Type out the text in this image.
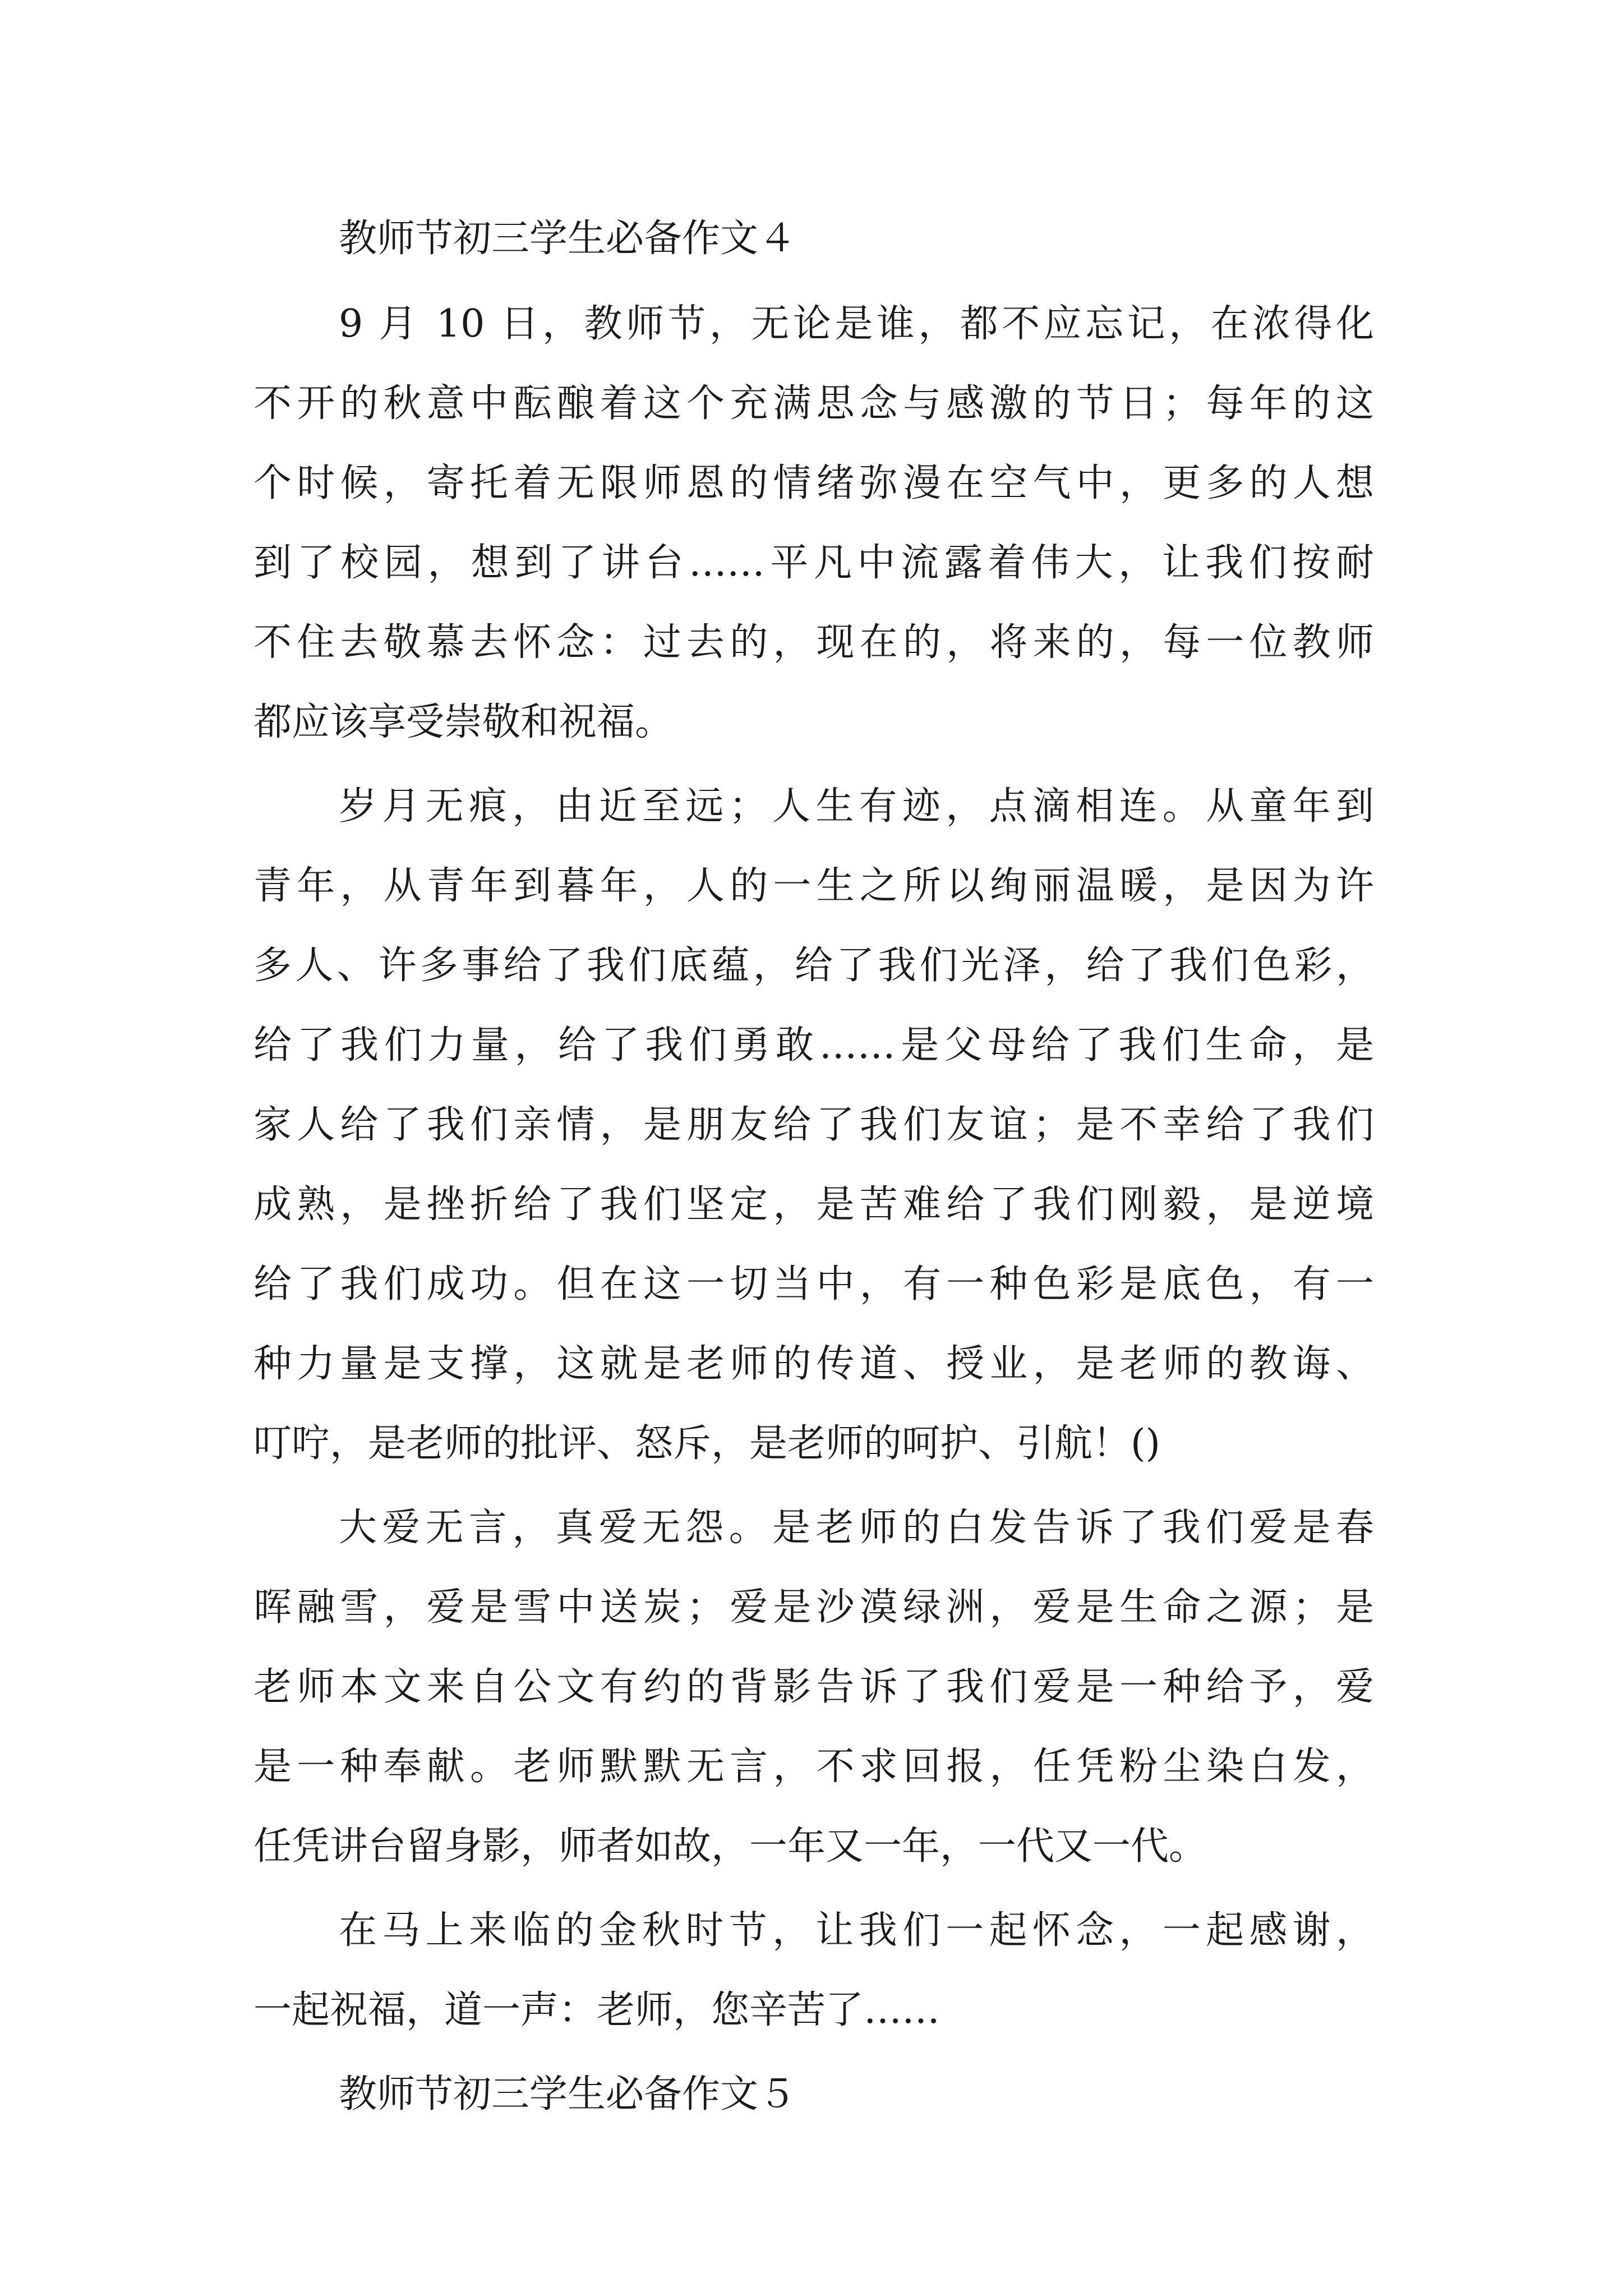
教师节初三学生必备作文４
9 月 10 日，教师节，无论是谁，都不应忘记，在浓得化
不开的秋意中酝酿着这个充满思念与感激的节日；每年的这
个时候，寄托着无限师恩的情绪弥漫在空气中，更多的人想
到了校园，想到了讲台……平凡中流露着伟大，让我们按耐
不住去敬慕去怀念：过去的，现在的，将来的，每一位教师
都应该享受崇敬和祝福。
岁月无痕，由近至远；人生有迹，点滴相连。从童年到
青年，从青年到暮年，人的一生之所以绚丽温暖，是因为许
多人、许多事给了我们底蕴，给了我们光泽，给了我们色彩，
给了我们力量，给了我们勇敢……是父母给了我们生命，是
家人给了我们亲情，是朋友给了我们友谊；是不幸给了我们
成熟，是挫折给了我们坚定，是苦难给了我们刚毅，是逆境
给了我们成功。但在这一切当中，有一种色彩是底色，有一
种力量是支撑，这就是老师的传道、授业，是老师的教诲、
叮咛，是老师的批评、怒斥，是老师的呵护、引航！()
大爱无言，真爱无怨。是老师的白发告诉了我们爱是春
晖融雪，爱是雪中送炭；爱是沙漠绿洲，爱是生命之源；是
老师本文来自公文有约的背影告诉了我们爱是一种给予，爱
是一种奉献。老师默默无言，不求回报，任凭粉尘染白发，
任凭讲台留身影，师者如故，一年又一年，一代又一代。
在马上来临的金秋时节，让我们一起怀念，一起感谢，
一起祝福，道一声：老师，您辛苦了……
教师节初三学生必备作文５
